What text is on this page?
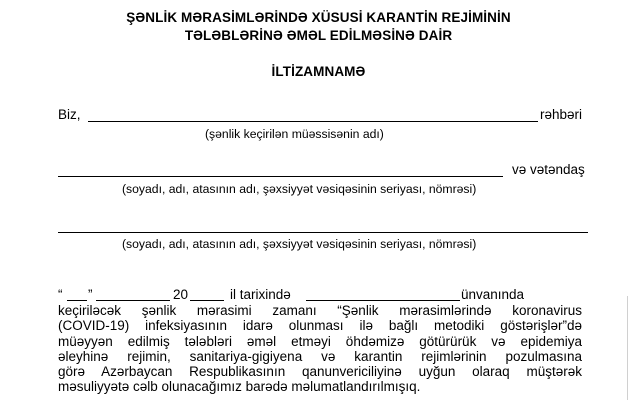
ŞƏNLİK MƏRASİMLƏRİNDƏ XÜSUSİ KARANTİN REJİMİNİN
TƏLƏBLƏRİNƏ ƏMƏL EDİLMƏSİNƏ DAİR
İLTİZAMNAMƏ
Biz,	rəhbəri
(şənlik keçirilən müəssisənin adı)
və vətəndaş
(soyadı, adı, atasının adı, şəxsiyyət vəsiqəsinin seriyası, nömrəsi)
(soyadı, adı, atasının adı, şəxsiyyət vəsiqəsinin seriyası, nömrəsi)
“ ”	20	il tarixində	ünvanında
keçiriləcək şənlik mərasimi zamanı “Şənlik mərasimlərində koronavirus
(COVID-19) infeksiyasının idarə olunması ilə bağlı metodiki göstərişlər”də
müəyyən edilmiş tələbləri əməl etməyi öhdəmizə götürürük və epidemiya
əleyhinə rejimin, sanitariya-gigiyena və karantin rejimlərinin pozulmasına
görə Azərbaycan Respublikasının qanunvericiliyinə uyğun olaraq müştərək
məsuliyyətə cəlb olunacağımız barədə məlumatlandırılmışıq.
